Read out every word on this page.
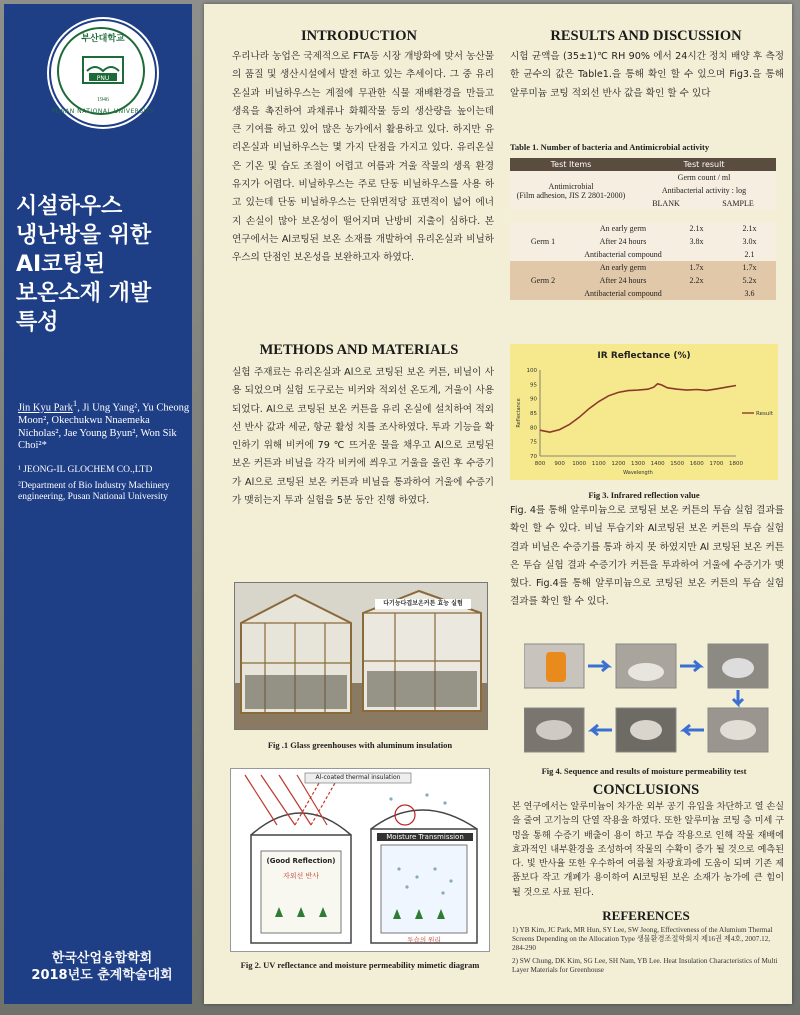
부산대학교
PNU
1946
PUSAN NATIONAL UNIVERSITY
시설하우스
냉난방을 위한
AI코팅된
보온소재 개발
특성

Jin Kyu Park$^1$, Ji Ung Yang², Yu Cheong Moon², Okechukwu Nnaemeka Nicholas², Jae Young Byun², Won Sik Choi²*

¹ JEONG-IL GLOCHEM CO.,LTD

²Department of Bio Industry Machinery engineering, Pusan National University

한국산업융합학회
2018년도 춘계학술대회
INTRODUCTION

우리나라 농업은 국제적으로 FTA등 시장 개방화에 맞서 농산물의 품질 및 생산시설에서 발전 하고 있는 추세이다. 그 중 유리 온실과 비닐하우스는 계절에 무관한 식물 재배환경을 만들고 생육을 촉진하여 과채류나 화훼작물 등의 생산량을 높이는데 큰 기여를 하고 있어 많은 농가에서 활용하고 있다. 하지만 유리온실과 비닐하우스는 몇 가지 단점을 가지고 있다. 유리온실은 기온 및 습도 조절이 어렵고 여름과 겨울 작물의 생육 환경 유지가 어렵다. 비닐하우스는 주로 단동 비닐하우스를 사용 하고 있는데 단동 비닐하우스는 단위면적당 표면적이 넓어 에너지 손실이 많아 보온성이 떨어지며 난방비 지출이 심하다. 본 연구에서는 Al코팅된 보온 소재를 개발하여 유리온실과 비닐하우스의 단점인 보온성을 보완하고자 하였다.

METHODS AND MATERIALS

실험 주재료는 유리온실과 Al으로 코팅된 보온 커튼, 비닐이 사용 되었으며 실험 도구로는 비커와 적외선 온도계, 거울이 사용 되었다. Al으로 코팅된 보온 커튼을 유리 온실에 설치하여 적외선 반사 값과 세균, 항균 활성 치를 조사하였다. 투과 기능을 확인하기 위해 비커에 79 ℃ 뜨거운 물을 채우고 Al으로 코팅된 보온 커튼과 비닐을 각각 비커에 씌우고 거울을 올린 후 수증기가 Al으로 코팅된 보온 커튼과 비닐을 통과하여 거울에 수증기가 맺히는지 투과 실험을 5분 동안 진행 하였다.

다기능다겹보온커튼 효능 실험

Fig .1 Glass greenhouses with aluminum insulation

Al-coated thermal insulation
(Good Reflection)
자외선 반사
Moisture Transmission
투습의 원리

Fig 2. UV reflectance and moisture permeability mimetic diagram

RESULTS AND DISCUSSION

시험 균액을 (35±1)℃ RH 90% 에서 24시간 정치 배양 후 측정한 균수의 값은 Table1.을 통해 확인 할 수 있으며 Fig3.을 통해 알루미늄 코팅 적외선 반사 값을 확인 할 수 있다

Table 1. Number of bacteria and Antimicrobial activity

Test Items	Test result	

Antimicrobial
(Film adhesion, JIS Z 2801-2000)	Germ count / ml	
	Antibacterial activity : log	
	BLANK	SAMPLE
Germ 1	An early germ	2.1x	2.1x
	After 24 hours	3.8x	3.0x
	Antibacterial compound		2.1
Germ 2	An early germ	1.7x	1.7x
	After 24 hours	2.2x	5.2x
	Antibacterial compound		3.6
IR Reflectance (%)
800 900 1000 1100 1200 1300 1400 1500 1600 1700 1800
70
75
80
85
90
95
100
Wavelength
Reflectance	Result

Fig 3. Infrared reflection value

Fig. 4를 통해 알루미늄으로 코팅된 보온 커튼의 투습 실험 결과를 확인 할 수 있다. 비닐 투습기와 Al코팅된 보온 커튼의 투습 실험 결과 비닐은 수증기를 통과 하지 못 하였지만 Al 코팅된 보온 커튼은 투습 실험 결과 수증기가 커튼을 투과하여 거울에 수증기가 맺혔다. Fig.4를 통해 알루미늄으로 코팅된 보온 커튼의 투습 실험 결과를 확인 할 수 있다.

Fig 4. Sequence and results of moisture permeability test

CONCLUSIONS

본 연구에서는 알루미늄이 차가운 외부 공기 유입을 차단하고 열 손실을 줄여 고기능의 단열 작용을 하였다. 또한 알루미늄 코팅 층 미세 구멍을 통해 수증기 배출이 용이 하고 투습 작용으로 인해 작물 재배에 효과적인 내부환경을 조성하여 작물의 수확이 증가 될 것으로 예측된다. 빛 반사율 또한 우수하여 여름철 차광효과에 도움이 되며 기존 제품보다 작고 개폐가 용이하여 Al코팅된 보온 소재가 농가에 큰 힘이 될 것으로 사료 된다.

REFERENCES

1) YB Kim, JC Park, MR Hun, SY Lee, SW Jeong, Effectiveness of the Alumium Thermal Screens Depending on the Allocation Type 생물환경조절학회지 제16권 제4호, 2007.12, 284-290

2) SW Chung, DK Kim, SG Lee, SH Nam, YB Lee. Heat Insulation Characteristics of Multi Layer Materials for Greenhouse
